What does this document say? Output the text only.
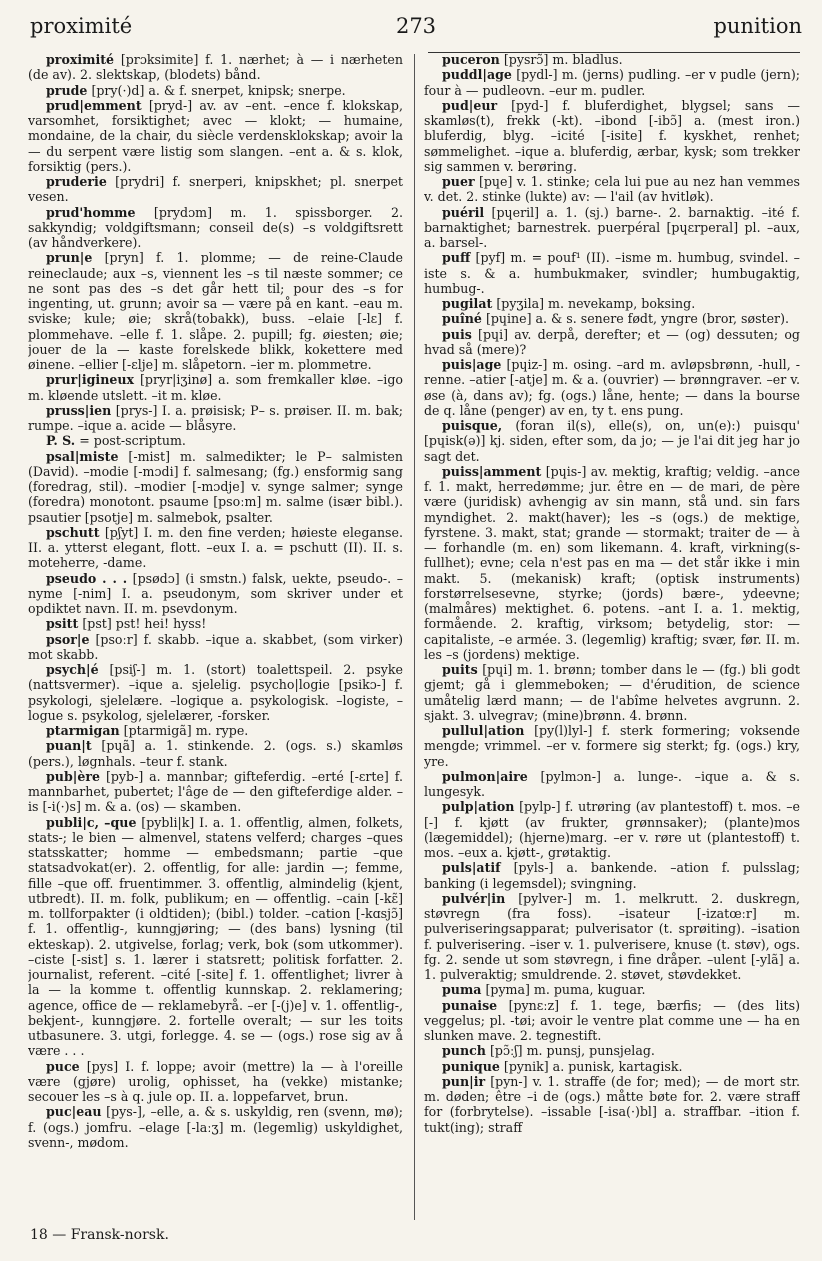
proximité	273	punition

proximité [prɔksimite] f. 1. nærhet; à — i nærheten (de av). 2. slektskap, (blodets) bånd.

prude [pry(·)d] a. & f. snerpet, knipsk; snerpe.

prud|emment [pryd-] av. av –ent. –ence f. klokskap, varsomhet, forsiktighet; avec — klokt; — humaine, mondaine, de la chair, du siècle verdensklokskap; avoir la — du serpent være listig som slangen. –ent a. & s. klok, forsiktig (pers.).

pruderie [prydri] f. snerperi, knipskhet; pl. snerpet vesen.

prud'homme [prydɔm] m. 1. spissborger. 2. sakkyndig; voldgiftsmann; conseil de(s) –s voldgiftsrett (av håndverkere).

prun|e [pryn] f. 1. plomme; — de reine-Claude reineclaude; aux –s, viennent les –s til næste sommer; ce ne sont pas des –s det går hett til; pour des –s for ingenting, ut. grunn; avoir sa — være på en kant. –eau m. sviske; kule; øie; skrå(tobakk), buss. –elaie [-lɛ] f. plommehave. –elle f. 1. slåpe. 2. pupill; fg. øiesten; øie; jouer de la — kaste forelskede blikk, kokettere med øinene. –ellier [-ɛlje] m. slåpetorn. –ier m. plommetre.

prur|igineux [pryr|iʒinø] a. som fremkaller kløe. –igo m. kløende utslett. –it m. kløe.

pruss|ien [prys-] I. a. prøisisk; P– s. prøiser. II. m. bak; rumpe. –ique a. acide — blåsyre.

P. S. = post-scriptum.

psal|miste [-mist] m. salmedikter; le P– salmisten (David). –modie [-mɔdi] f. salmesang; (fg.) ensformig sang (foredrag, stil). –modier [-mɔdje] v. synge salmer; synge (foredra) monotont. psaume [psoːm] m. salme (især bibl.). psautier [psotje] m. salmebok, psalter.

pschutt [pʃyt] I. m. den fine verden; høieste eleganse. II. a. ytterst elegant, flott. –eux I. a. = pschutt (II). II. s. moteherre, -dame.

pseudo . . . [psødɔ] (i smstn.) falsk, uekte, pseudo-. –nyme [-nim] I. a. pseudonym, som skriver under et opdiktet navn. II. m. psevdonym.

psitt [pst] pst! hei! hyss!

psor|e [psoːr] f. skabb. –ique a. skabbet, (som virker) mot skabb.

psych|é [psiʃ-] m. 1. (stort) toalettspeil. 2. psyke (nattsvermer). –ique a. sjelelig. psycho|logie [psikɔ-] f. psykologi, sjelelære. –logique a. psykologisk. –logiste, –logue s. psykolog, sjelelærer, -forsker.

ptarmigan [ptarmigã] m. rype.

puan|t [pɥã] a. 1. stinkende. 2. (ogs. s.) skamløs (pers.), løgnhals. –teur f. stank.

pub|ère [pyb-] a. mannbar; gifteferdig. –erté [-ɛrte] f. mannbarhet, pubertet; l'âge de — den gifteferdige alder. –is [-i(·)s] m. & a. (os) — skamben.

publi|c, –que [pybli|k] I. a. 1. offentlig, almen, folkets, stats-; le bien — almenvel, statens velferd; charges –ques statsskatter; homme — embedsmann; partie –que statsadvokat(er). 2. offentlig, for alle: jardin —; femme, fille –que off. fruentimmer. 3. offentlig, almindelig (kjent, utbredt). II. m. folk, publikum; en — offentlig. –cain [-kɛ̃] m. tollforpakter (i oldtiden); (bibl.) tolder. –cation [-kɑsjɔ̃] f. 1. offentlig-, kunngjøring; — (des bans) lysning (til ekteskap). 2. utgivelse, forlag; verk, bok (som utkommer). –ciste [-sist] s. 1. lærer i statsrett; politisk forfatter. 2. journalist, referent. –cité [-site] f. 1. offentlighet; livrer à la — la komme t. offentlig kunnskap. 2. reklamering; agence, office de — reklamebyrå. –er [-(j)e] v. 1. offentlig-, bekjent-, kunngjøre. 2. fortelle overalt; — sur les toits utbasunere. 3. utgi, forlegge. 4. se — (ogs.) rose sig av å være . . .

puce [pys] I. f. loppe; avoir (mettre) la — à l'oreille være (gjøre) urolig, ophisset, ha (vekke) mistanke; secouer les –s à q. jule op. II. a. loppefarvet, brun.

puc|eau [pys-], –elle, a. & s. uskyldig, ren (svenn, mø); f. (ogs.) jomfru. –elage [-laːʒ] m. (legemlig) uskyldighet, svenn-, mødom.

puceron [pysrɔ̃] m. bladlus.

puddl|age [pydl-] m. (jerns) pudling. –er v pudle (jern); four à — pudleovn. –eur m. pudler.

pud|eur [pyd-] f. bluferdighet, blygsel; sans — skamløs(t), frekk (-kt). –ibond [-ibɔ̃] a. (mest iron.) bluferdig, blyg. –icité [-isite] f. kyskhet, renhet; sømmelighet. –ique a. bluferdig, ærbar, kysk; som trekker sig sammen v. berøring.

puer [pɥe] v. 1. stinke; cela lui pue au nez han vemmes v. det. 2. stinke (lukte) av: — l'ail (av hvitløk).

puéril [pɥeril] a. 1. (sj.) barne-. 2. barnaktig. –ité f. barnaktighet; barnestrek. puerpéral [pɥɛrperal] pl. –aux, a. barsel-.

puff [pyf] m. = pouf¹ (II). –isme m. humbug, svindel. –iste s. & a. humbukmaker, svindler; humbugaktig, humbug-.

pugilat [pyʒila] m. nevekamp, boksing.

puîné [pɥine] a. & s. senere født, yngre (bror, søster).

puis [pɥi] av. derpå, derefter; et — (og) dessuten; og hvad så (mere)?

puis|age [pɥiz-] m. osing. –ard m. avløpsbrønn, -hull, -renne. –atier [-atje] m. & a. (ouvrier) — brønngraver. –er v. øse (à, dans av); fg. (ogs.) låne, hente; — dans la bourse de q. låne (penger) av en, ty t. ens pung.

puisque, (foran il(s), elle(s), on, un(e):) puisqu' [pɥisk(ə)] kj. siden, efter som, da jo; — je l'ai dit jeg har jo sagt det.

puiss|amment [pɥis-] av. mektig, kraftig; veldig. –ance f. 1. makt, herredømme; jur. être en — de mari, de père være (juridisk) avhengig av sin mann, stå und. sin fars myndighet. 2. makt(haver); les –s (ogs.) de mektige, fyrstene. 3. makt, stat; grande — stormakt; traiter de — à — forhandle (m. en) som likemann. 4. kraft, virkning(s-fullhet); evne; cela n'est pas en ma — det står ikke i min makt. 5. (mekanisk) kraft; (optisk instruments) forstørrelsesevne, styrke; (jords) bære-, ydeevne; (malmåres) mektighet. 6. potens. –ant I. a. 1. mektig, formående. 2. kraftig, virksom; betydelig, stor: — capitaliste, –e armée. 3. (legemlig) kraftig; svær, før. II. m. les –s (jordens) mektige.

puits [pɥi] m. 1. brønn; tomber dans le — (fg.) bli godt gjemt; gå i glemmeboken; — d'érudition, de science umåtelig lærd mann; — de l'abîme helvetes avgrunn. 2. sjakt. 3. ulvegrav; (mine)brønn. 4. brønn.

pullul|ation [py(l)lyl-] f. sterk formering; voksende mengde; vrimmel. –er v. formere sig sterkt; fg. (ogs.) kry, yre.

pulmon|aire [pylmɔn-] a. lunge-. –ique a. & s. lungesyk.

pulp|ation [pylp-] f. utrøring (av plantestoff) t. mos. –e [-] f. kjøtt (av frukter, grønnsaker); (plante)mos (lægemiddel); (hjerne)marg. –er v. røre ut (plantestoff) t. mos. –eux a. kjøtt-, grøtaktig.

puls|atif [pyls-] a. bankende. –ation f. pulsslag; banking (i legemsdel); svingning.

pulvér|in [pylver-] m. 1. melkrutt. 2. duskregn, støvregn (fra foss). –isateur [-izatœːr] m. pulveriseringsapparat; pulverisator (t. sprøiting). –isation f. pulverisering. –iser v. 1. pulverisere, knuse (t. støv), ogs. fg. 2. sende ut som støvregn, i fine dråper. –ulent [-ylã] a. 1. pulveraktig; smuldrende. 2. støvet, støvdekket.

puma [pyma] m. puma, kuguar.

punaise [pynɛːz] f. 1. tege, bærfis; — (des lits) veggelus; pl. -tøi; avoir le ventre plat comme une — ha en slunken mave. 2. tegnestift.

punch [pɔ̃ːʃ] m. punsj, punsjelag.

punique [pynik] a. punisk, kartagisk.

pun|ir [pyn-] v. 1. straffe (de for; med); — de mort str. m. døden; être –i de (ogs.) måtte bøte for. 2. være straff for (forbrytelse). –issable [-isa(·)bl] a. straffbar. –ition f. tukt(ing); straff

18 — Fransk-norsk.
